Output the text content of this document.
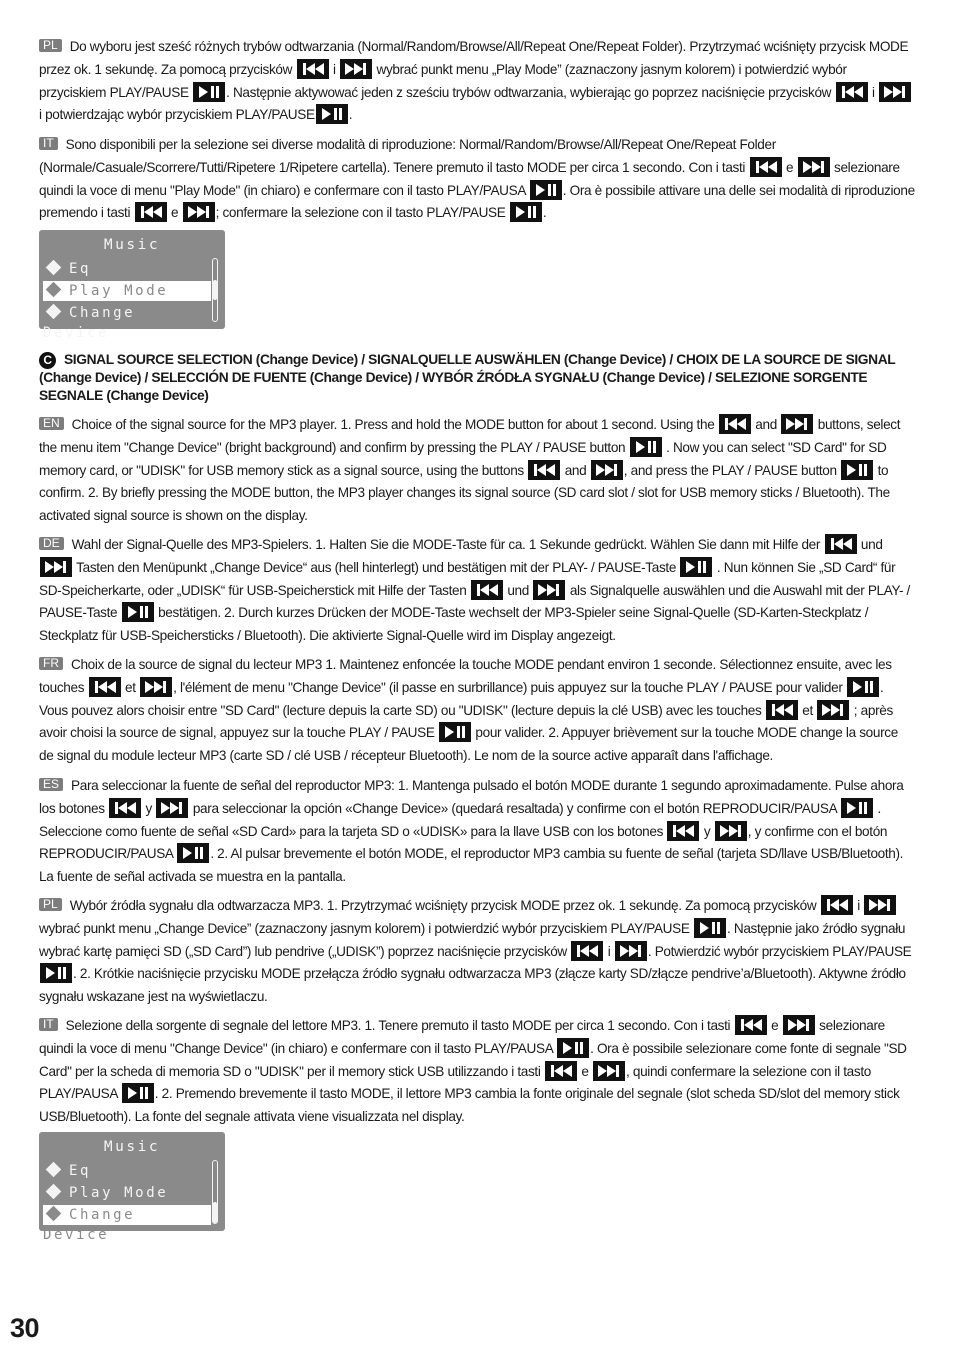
PL Do wyboru jest sześć różnych trybów odtwarzania (Normal/Random/Browse/All/Repeat One/Repeat Folder). Przytrzymać wciśnięty przycisk MODE przez ok. 1 sekundę. Za pomocą przycisków	i	wybrać punkt menu „Play Mode” (zaznaczony jasnym kolorem) i potwierdzić wybór przyciskiem PLAY/PAUSE	. Następnie aktywować jeden z sześciu trybów odtwarzania, wybierając go poprzez naciśnięcie przycisków	i
i potwierdzając wybór przyciskiem PLAY/PAUSE	.
IT Sono disponibili per la selezione sei diverse modalità di riproduzione: Normal/Random/Browse/All/Repeat One/Repeat Folder (Normale/Casuale/Scorrere/Tutti/Ripetere 1/Ripetere cartella). Tenere premuto il tasto MODE per circa 1 secondo. Con i tasti	e	selezionare quindi la voce di menu "Play Mode" (in chiaro) e confermare con il tasto PLAY/PAUSA	. Ora è possibile attivare una delle sei modalità di riproduzione premendo i tasti	e	; confermare la selezione con il tasto PLAY/PAUSE	.
Music
Eq
Play Mode
Change Device
C SIGNAL SOURCE SELECTION (Change Device) / SIGNALQUELLE AUSWÄHLEN (Change Device) / CHOIX DE LA SOURCE DE SIGNAL (Change Device) / SELECCIÓN DE FUENTE (Change Device) / WYBÓR ŹRÓDŁA SYGNAŁU (Change Device) / SELEZIONE SORGENTE SEGNALE (Change Device)
EN Choice of the signal source for the MP3 player. 1. Press and hold the MODE button for about 1 second. Using the	and	buttons, select the menu item "Change Device" (bright background) and confirm by pressing the PLAY / PAUSE button	. Now you can select "SD Card" for SD memory card, or "UDISK" for USB memory stick as a signal source, using the buttons	and	, and press the PLAY / PAUSE button	to confirm. 2. By briefly pressing the MODE button, the MP3 player changes its signal source (SD card slot / slot for USB memory sticks / Bluetooth). The activated signal source is shown on the display.
DE Wahl der Signal-Quelle des MP3-Spielers. 1. Halten Sie die MODE-Taste für ca. 1 Sekunde gedrückt. Wählen Sie dann mit Hilfe der	und
Tasten den Menüpunkt „Change Device“ aus (hell hinterlegt) und bestätigen mit der PLAY- / PAUSE-Taste	. Nun können Sie „SD Card“ für SD-Speicherkarte, oder „UDISK“ für USB-Speicherstick mit Hilfe der Tasten	und	als Signalquelle auswählen und die Auswahl mit der PLAY- / PAUSE-Taste	bestätigen. 2. Durch kurzes Drücken der MODE-Taste wechselt der MP3-Spieler seine Signal-Quelle (SD-Karten-Steckplatz / Steckplatz für USB-Speichersticks / Bluetooth). Die aktivierte Signal-Quelle wird im Display angezeigt.
FR Choix de la source de signal du lecteur MP3 1. Maintenez enfoncée la touche MODE pendant environ 1 seconde. Sélectionnez ensuite, avec les touches	et	, l'élément de menu "Change Device" (il passe en surbrillance) puis appuyez sur la touche PLAY / PAUSE pour valider	. Vous pouvez alors choisir entre "SD Card" (lecture depuis la carte SD) ou "UDISK" (lecture depuis la clé USB) avec les touches	et	; après avoir choisi la source de signal, appuyez sur la touche PLAY / PAUSE	pour valider. 2. Appuyer brièvement sur la touche MODE change la source de signal du module lecteur MP3 (carte SD / clé USB / récepteur Bluetooth). Le nom de la source active apparaît dans l'affichage.
ES Para seleccionar la fuente de señal del reproductor MP3: 1. Mantenga pulsado el botón MODE durante 1 segundo aproximadamente. Pulse ahora los botones	y	para seleccionar la opción «Change Device» (quedará resaltada) y confirme con el botón REPRODUCIR/PAUSA	. Seleccione como fuente de señal «SD Card» para la tarjeta SD o «UDISK» para la llave USB con los botones	y	, y confirme con el botón REPRODUCIR/PAUSA	. 2. Al pulsar brevemente el botón MODE, el reproductor MP3 cambia su fuente de señal (tarjeta SD/llave USB/Bluetooth). La fuente de señal activada se muestra en la pantalla.
PL Wybór źródła sygnału dla odtwarzacza MP3. 1. Przytrzymać wciśnięty przycisk MODE przez ok. 1 sekundę. Za pomocą przycisków	i
wybrać punkt menu „Change Device” (zaznaczony jasnym kolorem) i potwierdzić wybór przyciskiem PLAY/PAUSE	. Następnie jako źródło sygnału wybrać kartę pamięci SD („SD Card”) lub pendrive („UDISK”) poprzez naciśnięcie przycisków	i	. Potwierdzić wybór przyciskiem PLAY/PAUSE
. 2. Krótkie naciśnięcie przycisku MODE przełącza źródło sygnału odtwarzacza MP3 (złącze karty SD/złącze pendrive’a/Bluetooth). Aktywne źródło sygnału wskazane jest na wyświetlaczu.
IT Selezione della sorgente di segnale del lettore MP3. 1. Tenere premuto il tasto MODE per circa 1 secondo. Con i tasti	e	selezionare quindi la voce di menu "Change Device" (in chiaro) e confermare con il tasto PLAY/PAUSA	. Ora è possibile selezionare come fonte di segnale "SD Card" per la scheda di memoria SD o "UDISK" per il memory stick USB utilizzando i tasti	e	, quindi confermare la selezione con il tasto PLAY/PAUSA	. 2. Premendo brevemente il tasto MODE, il lettore MP3 cambia la fonte originale del segnale (slot scheda SD/slot del memory stick USB/Bluetooth). La fonte del segnale attivata viene visualizzata nel display.
Music
Eq
Play Mode
Change Device
30
